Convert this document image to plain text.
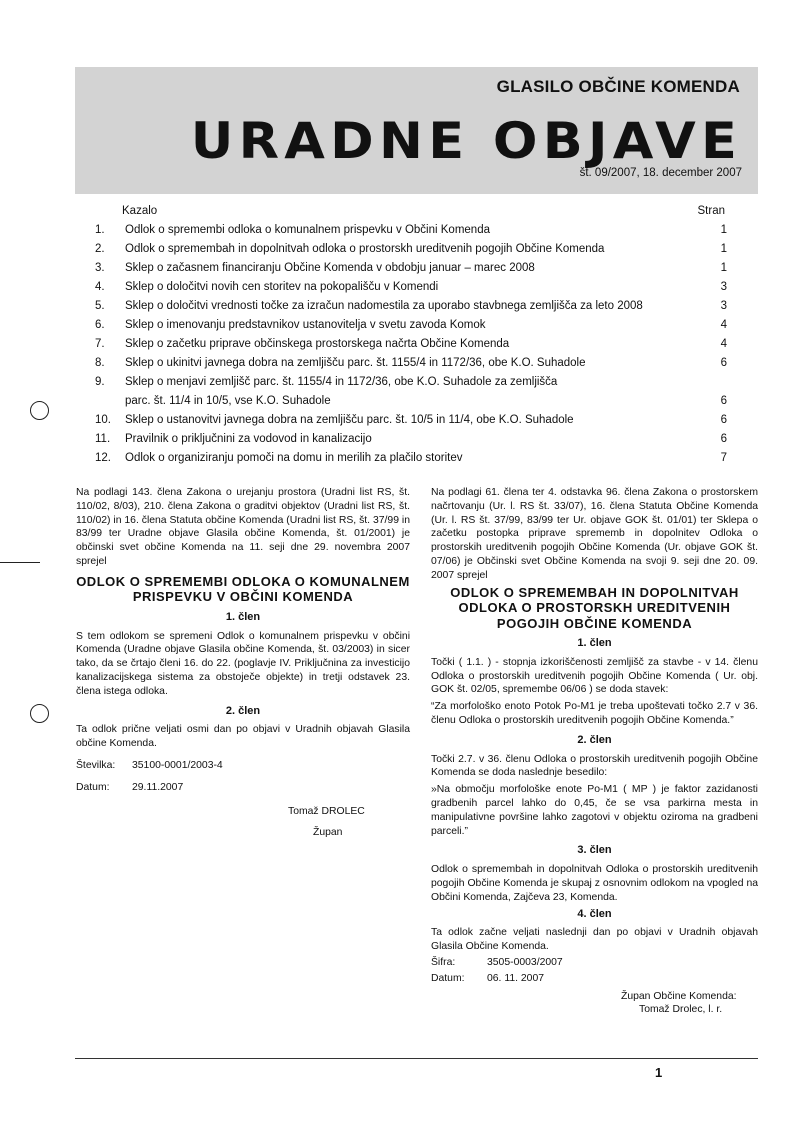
GLASILO OBČINE KOMENDA
URADNE OBJAVE
št. 09/2007, 18. december 2007
Kazalo	Stran
1.	Odlok o spremembi odloka o komunalnem prispevku v Občini Komenda	1
2.	Odlok o spremembah in dopolnitvah odloka o prostorskh ureditvenih pogojih Občine Komenda	1
3.	Sklep o začasnem financiranju Občine Komenda v obdobju januar – marec 2008	1
4.	Sklep o določitvi novih cen storitev na pokopališču v Komendi	3
5.	Sklep o določitvi vrednosti točke za izračun nadomestila za uporabo stavbnega zemljišča za leto 2008	3
6.	Sklep o imenovanju predstavnikov ustanovitelja v svetu zavoda Komok	4
7.	Sklep o začetku priprave občinskega prostorskega načrta Občine Komenda	4
8.	Sklep o ukinitvi javnega dobra na zemljišču parc. št. 1155/4 in 1172/36, obe K.O. Suhadole	6
9.	Sklep o menjavi zemljišč parc. št. 1155/4 in 1172/36, obe K.O. Suhadole za zemljišča
parc. št. 11/4 in 10/5, vse K.O. Suhadole	6
10.	Sklep o ustanovitvi javnega dobra na zemljišču parc. št. 10/5 in 11/4, obe K.O. Suhadole	6
11.	Pravilnik o priključnini za vodovod in kanalizacijo	6
12.	Odlok o organiziranju pomoči na domu in merilih za plačilo storitev	7

Na podlagi 143. člena Zakona o urejanju prostora (Uradni list RS, št. 110/02, 8/03), 210. člena Zakona o graditvi objektov (Uradni list RS, št. 110/02) in 16. člena Statuta občine Komenda (Uradni list RS, št. 37/99 in 83/99 ter Uradne objave Glasila občine Komenda, št. 01/2001) je občinski svet občine Komenda na 11. seji dne 29. novembra 2007 sprejel

ODLOK O SPREMEMBI ODLOKA O KOMUNALNEM PRISPEVKU V OBČINI KOMENDA
1. člen

S tem odlokom se spremeni Odlok o komunalnem prispevku v občini Komenda (Uradne objave Glasila občine Komenda, št. 03/2003) in sicer tako, da se črtajo členi 16. do 22. (poglavje IV. Priključnina za investicijo kanalizacijskega sistema za obstoječe objekte) in tretji odstavek 23. člena istega odloka.

2. člen

Ta odlok prične veljati osmi dan po objavi v Uradnih objavah Glasila občine Komenda.

Številka:	35100-0001/2003-4
Datum:	29.11.2007
Tomaž DROLEC
Župan

Na podlagi 61. člena ter 4. odstavka 96. člena Zakona o prostorskem načrtovanju (Ur. l. RS št. 33/07), 16. člena Statuta Občine Komenda (Ur. l. RS št. 37/99, 83/99 ter Ur. objave GOK št. 01/01) ter Sklepa o začetku postopka priprave sprememb in dopolnitev Odloka o prostorskih ureditvenih pogojih Občine Komenda (Ur. objave GOK št. 07/06) je Občinski svet Občine Komenda na svoji 9. seji dne 20. 09. 2007 sprejel

ODLOK O SPREMEMBAH IN DOPOLNITVAH ODLOKA O PROSTORSKH UREDITVENIH POGOJIH OBČINE KOMENDA
1. člen

Točki ( 1.1. ) - stopnja izkoriščenosti zemljišč za stavbe - v 14. členu Odloka o prostorskih ureditvenih pogojih Občine Komenda ( Ur. obj. GOK št. 02/05, spremembe 06/06 ) se doda stavek:

“Za morfološko enoto Potok Po-M1 je treba upoštevati točko 2.7 v 36. členu Odloka o prostorskih ureditvenih pogojih Občine Komenda.”

2. člen

Točki 2.7. v 36. členu Odloka o prostorskih ureditvenih pogojih Občine Komenda se doda naslednje besedilo:

»Na območju morfološke enote Po-M1 ( MP ) je faktor zazidanosti gradbenih parcel lahko do 0,45, če se vsa parkirna mesta in manipulativne površine lahko zagotovi v objektu oziroma na gradbeni parceli.”

3. člen

Odlok o spremembah in dopolnitvah Odloka o prostorskih ureditvenih pogojih Občine Komenda je skupaj z osnovnim odlokom na vpogled na Občini Komenda, Zajčeva 23, Komenda.

4. člen

Ta odlok začne veljati naslednji dan po objavi v Uradnih objavah Glasila Občine Komenda.

Šifra:	3505-0003/2007
Datum:	06. 11. 2007
Župan Občine Komenda:
Tomaž Drolec, l. r.
1
